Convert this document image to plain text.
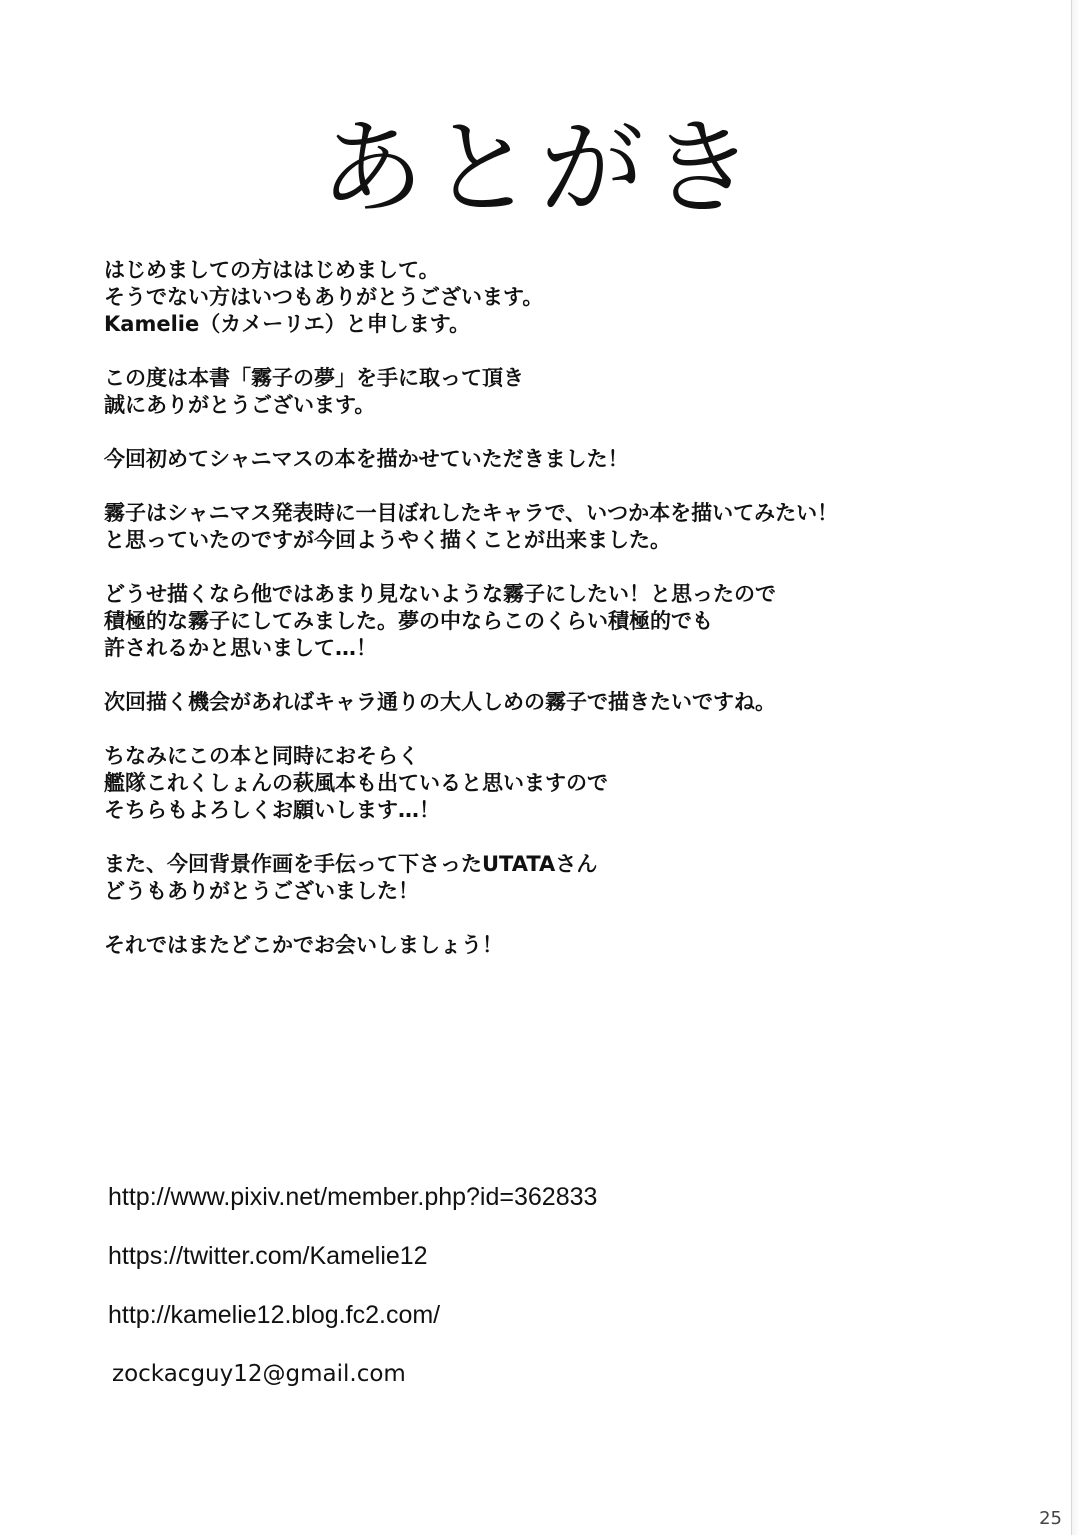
あとがき

はじめましての方ははじめまして。
そうでない方はいつもありがとうございます。
Kamelie（カメーリエ）と申します。

この度は本書「霧子の夢」を手に取って頂き
誠にありがとうございます。

今回初めてシャニマスの本を描かせていただきました！

霧子はシャニマス発表時に一目ぼれしたキャラで、いつか本を描いてみたい！
と思っていたのですが今回ようやく描くことが出来ました。

どうせ描くなら他ではあまり見ないような霧子にしたい！と思ったので
積極的な霧子にしてみました。夢の中ならこのくらい積極的でも
許されるかと思いまして…！

次回描く機会があればキャラ通りの大人しめの霧子で描きたいですね。

ちなみにこの本と同時におそらく
艦隊これくしょんの萩風本も出ていると思いますので
そちらもよろしくお願いします…！

また、今回背景作画を手伝って下さったUTATAさん
どうもありがとうございました！

それではまたどこかでお会いしましょう！

http://www.pixiv.net/member.php?id=362833
https://twitter.com/Kamelie12
http://kamelie12.blog.fc2.com/
zockacguy12@gmail.com
25
